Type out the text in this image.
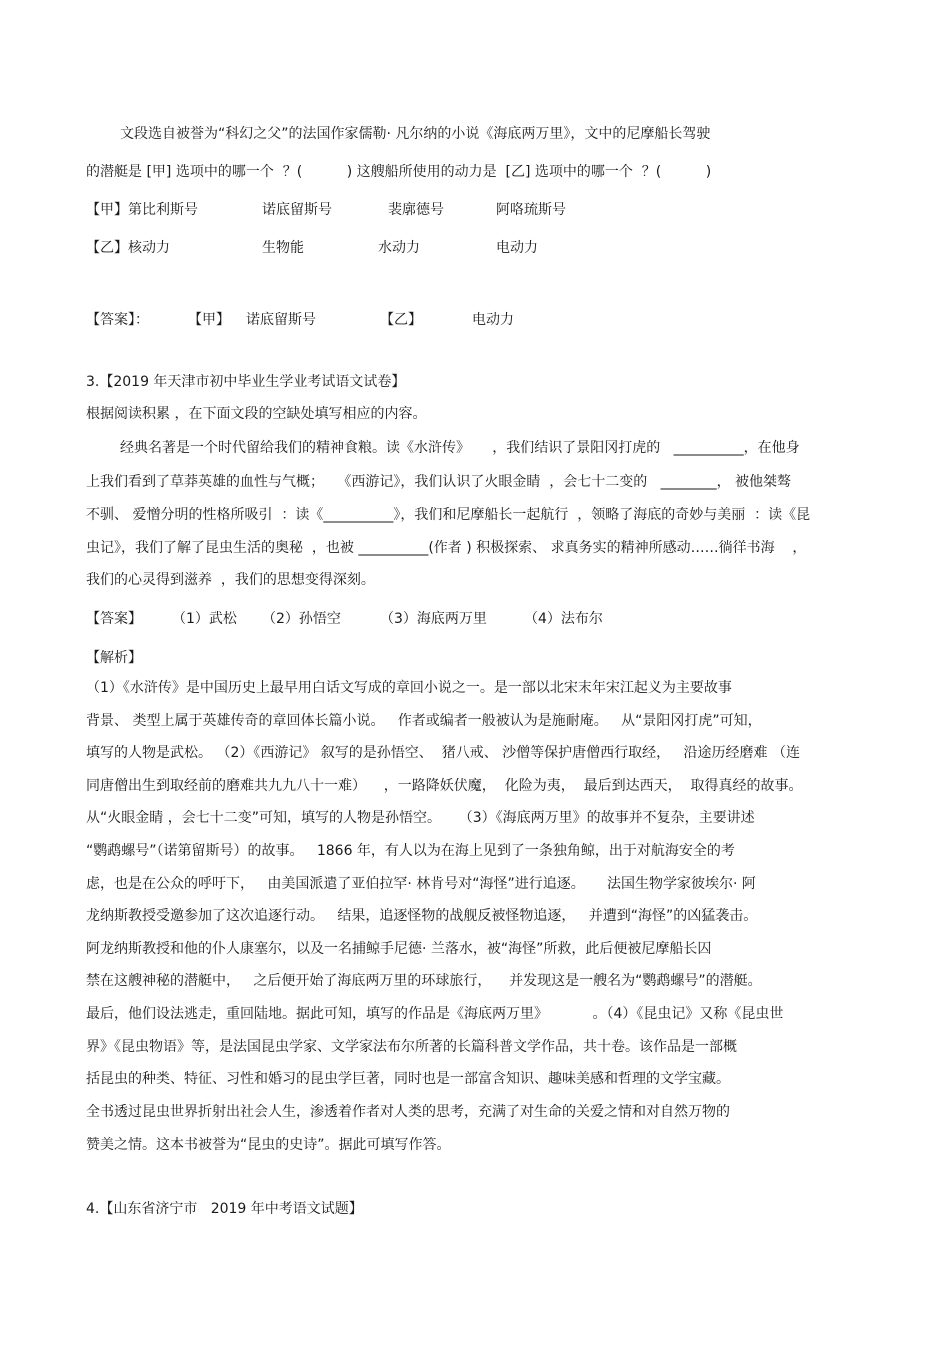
文段选自被誉为“科幻之父”的法国作家儒勒· 凡尔纳的小说《海底两万里》，文中的尼摩船长驾驶
的潜艇是 [甲] 选项中的哪一个  ？(          ) 这艘船所使用的动力是  [乙] 选项中的哪一个  ？(          )
【甲】第比利斯号	诺底留斯号	裴廓德号	阿咯琉斯号
【乙】核动力	生物能	水动力	电动力
【答案】：	【甲】 诺底留斯号	【乙】	电动力
3.【2019 年天津市初中毕业生学业考试语文试卷】
根据阅读积累 ，在下面文段的空缺处填写相应的内容。
经典名著是一个时代留给我们的精神食粮。读《水浒传》     ，我们结识了景阳冈打虎的   __________，在他身
上我们看到了草莽英雄的血性与气概；   《西游记》，我们认识了火眼金睛  ，会七十二变的   ________， 被他桀骜
不驯、 爱憎分明的性格所吸引  ：读《__________》，我们和尼摩船长一起航行  ，领略了海底的奇妙与美丽  ：读《昆
虫记》，我们了解了昆虫生活的奥秘  ，也被 __________(作者 ) 积极探索、 求真务实的精神所感动……徜徉书海    ，
我们的心灵得到滋养  ，我们的思想变得深刻。
【答案】 （1）武松 （2）孙悟空	（3）海底两万里	（4）法布尔
【解析】
（1）《水浒传》是中国历史上最早用白话文写成的章回小说之一。是一部以北宋末年宋江起义为主要故事
背景、 类型上属于英雄传奇的章回体长篇小说。   作者或编者一般被认为是施耐庵。   从“景阳冈打虎”可知，
填写的人物是武松。 （2）《西游记》 叙写的是孙悟空、  猪八戒、 沙僧等保护唐僧西行取经，   沿途历经磨难 （连
同唐僧出生到取经前的磨难共九九八十一难）    ，一路降妖伏魔，  化险为夷，  最后到达西天，  取得真经的故事。
从“火眼金睛 ，会七十二变”可知，填写的人物是孙悟空。    （3）《海底两万里》的故事并不复杂，主要讲述
“鹦鹉螺号”（诺第留斯号）的故事。   1866 年，有人以为在海上见到了一条独角鲸，出于对航海安全的考
虑，也是在公众的呼吁下，   由美国派遣了亚伯拉罕· 林肯号对“海怪”进行追逐。     法国生物学家彼埃尔· 阿
龙纳斯教授受邀参加了这次追逐行动。   结果，追逐怪物的战舰反被怪物追逐，   并遭到“海怪”的凶猛袭击。
阿龙纳斯教授和他的仆人康塞尔，以及一名捕鲸手尼德· 兰落水，被“海怪”所救，此后便被尼摩船长囚
禁在这艘神秘的潜艇中，   之后便开始了海底两万里的环球旅行，    并发现这是一艘名为“鹦鹉螺号”的潜艇。
最后，他们设法逃走，重回陆地。据此可知，填写的作品是《海底两万里》          。（4）《昆虫记》又称《昆虫世
界》《昆虫物语》等，是法国昆虫学家、文学家法布尔所著的长篇科普文学作品，共十卷。该作品是一部概
括昆虫的种类、特征、习性和婚习的昆虫学巨著，同时也是一部富含知识、趣味美感和哲理的文学宝藏。
全书透过昆虫世界折射出社会人生，渗透着作者对人类的思考，充满了对生命的关爱之情和对自然万物的
赞美之情。这本书被誉为“昆虫的史诗”。据此可填写作答。
4.【山东省济宁市   2019 年中考语文试题】
